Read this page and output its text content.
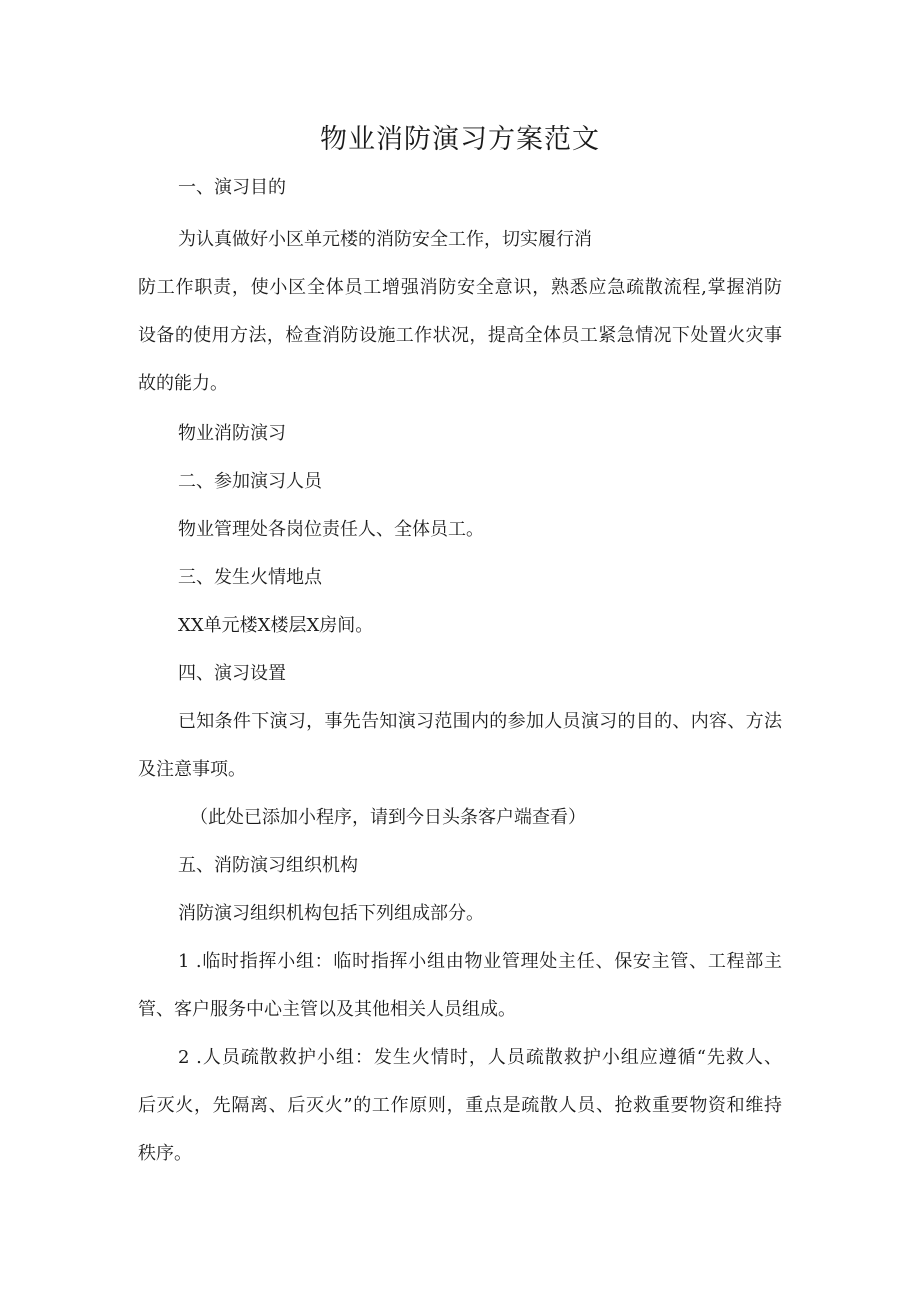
物业消防演习方案范文

一、演习目的

为认真做好小区单元楼的消防安全工作，切实履行消

防工作职责，使小区全体员工增强消防安全意识，熟悉应急疏散流程,掌握消防

设备的使用方法，检查消防设施工作状况，提高全体员工紧急情况下处置火灾事

故的能力。

物业消防演习

二、参加演习人员

物业管理处各岗位责任人、全体员工。

三、发生火情地点

XX单元楼X楼层X房间。

四、演习设置

已知条件下演习，事先告知演习范围内的参加人员演习的目的、内容、方法

及注意事项。

（此处已添加小程序，请到今日头条客户端查看）

五、消防演习组织机构

消防演习组织机构包括下列组成部分。

1 .临时指挥小组：临时指挥小组由物业管理处主任、保安主管、工程部主

管、客户服务中心主管以及其他相关人员组成。

2 .人员疏散救护小组：发生火情时，人员疏散救护小组应遵循“先救人、

后灭火，先隔离、后灭火”的工作原则，重点是疏散人员、抢救重要物资和维持

秩序。
